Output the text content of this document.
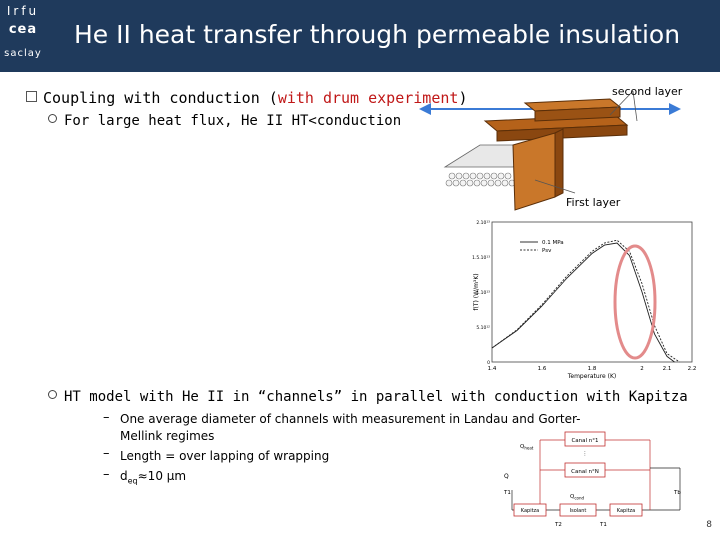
Irfu
cea
saclay
He II heat transfer through permeable insulation
Coupling with conduction (with drum experiment)
For large heat flux, He II HT<conduction
second layer
First layer
1.4	1.6	1.8	2	2.1	2.2
0
5.10¹²
1.10¹³
1.5.10¹³
2.10¹³
0.1 MPa
Psv
Temperature (K)
f(T) (W/m³K)
HT model with He II in “channels” in parallel with conduction with Kapitza
– One average diameter of channels with measurement in Landau and Gorter-
Mellink regimes
– Length = over lapping of wrapping
– $d_{eq}\approx 10$ µm
Canal n°1
Canal n°N
⋮
$Q_{heat}$
Q
T1	Tb
$Q_{cond}$
Kapitza	Isolant	Kapitza
T2	T1	8
